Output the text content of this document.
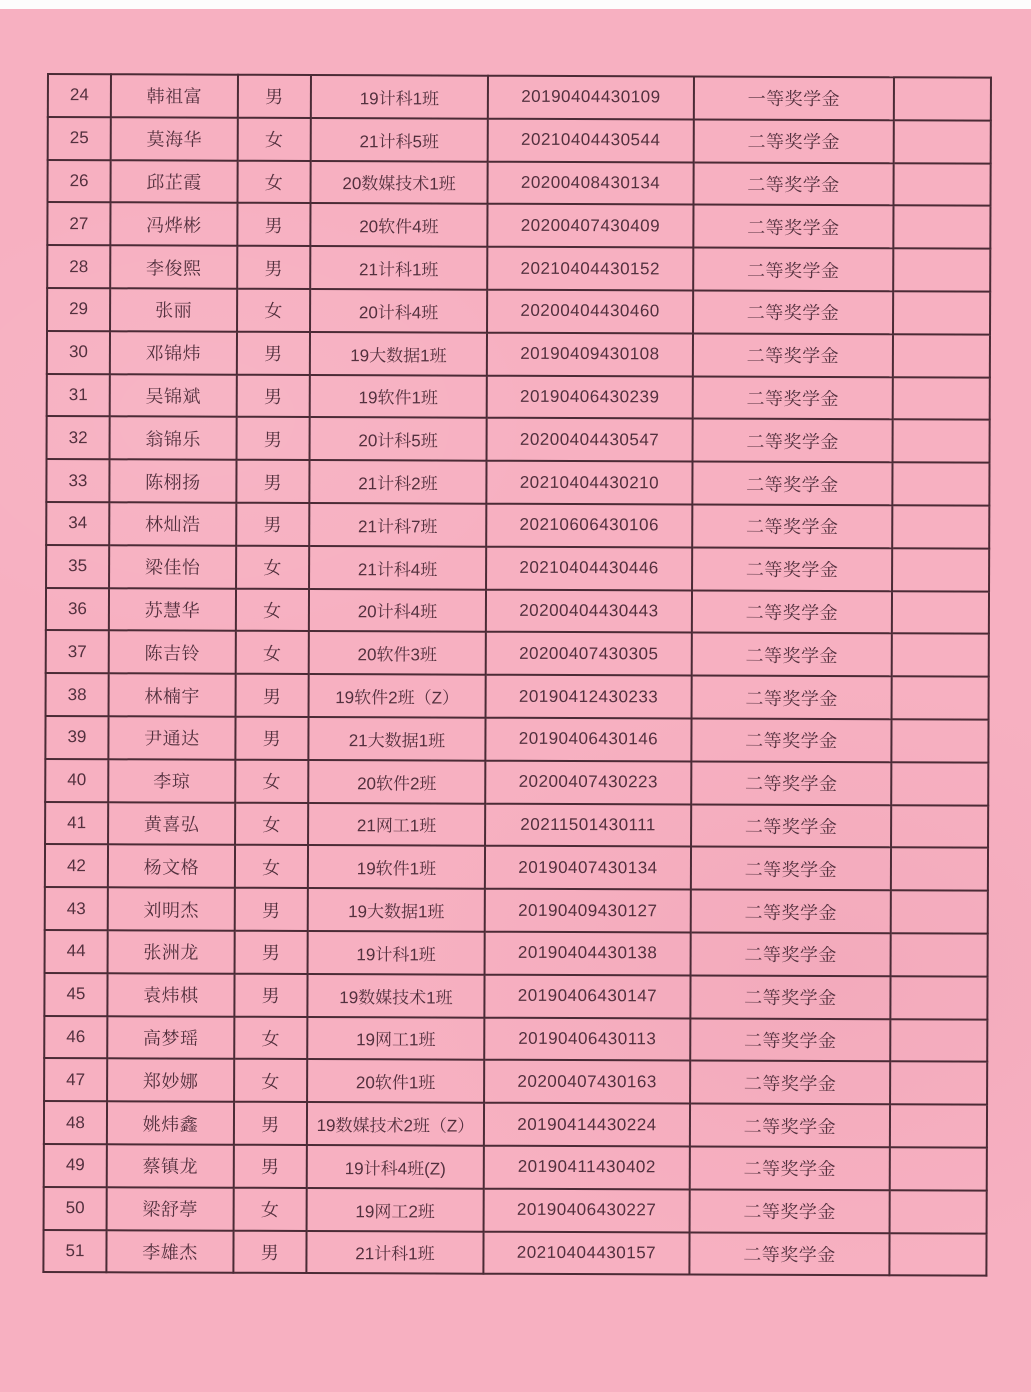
24	韩祖富	男	19计科1班	20190404430109	一等奖学金	
25	莫海华	女	21计科5班	20210404430544	二等奖学金	
26	邱芷霞	女	20数媒技术1班	20200408430134	二等奖学金	
27	冯烨彬	男	20软件4班	20200407430409	二等奖学金	
28	李俊熙	男	21计科1班	20210404430152	二等奖学金	
29	张丽	女	20计科4班	20200404430460	二等奖学金	
30	邓锦炜	男	19大数据1班	20190409430108	二等奖学金	
31	吴锦斌	男	19软件1班	20190406430239	二等奖学金	
32	翁锦乐	男	20计科5班	20200404430547	二等奖学金	
33	陈栩扬	男	21计科2班	20210404430210	二等奖学金	
34	林灿浩	男	21计科7班	20210606430106	二等奖学金	
35	梁佳怡	女	21计科4班	20210404430446	二等奖学金	
36	苏慧华	女	20计科4班	20200404430443	二等奖学金	
37	陈吉铃	女	20软件3班	20200407430305	二等奖学金	
38	林楠宇	男	19软件2班（Z）	20190412430233	二等奖学金	
39	尹通达	男	21大数据1班	20190406430146	二等奖学金	
40	李琼	女	20软件2班	20200407430223	二等奖学金	
41	黄喜弘	女	21网工1班	20211501430111	二等奖学金	
42	杨文格	女	19软件1班	20190407430134	二等奖学金	
43	刘明杰	男	19大数据1班	20190409430127	二等奖学金	
44	张洲龙	男	19计科1班	20190404430138	二等奖学金	
45	袁炜棋	男	19数媒技术1班	20190406430147	二等奖学金	
46	高梦瑶	女	19网工1班	20190406430113	二等奖学金	
47	郑妙娜	女	20软件1班	20200407430163	二等奖学金	
48	姚炜鑫	男	19数媒技术2班（Z）	20190414430224	二等奖学金	
49	蔡镇龙	男	19计科4班(Z)	20190411430402	二等奖学金	
50	梁舒葶	女	19网工2班	20190406430227	二等奖学金	
51	李雄杰	男	21计科1班	20210404430157	二等奖学金	
